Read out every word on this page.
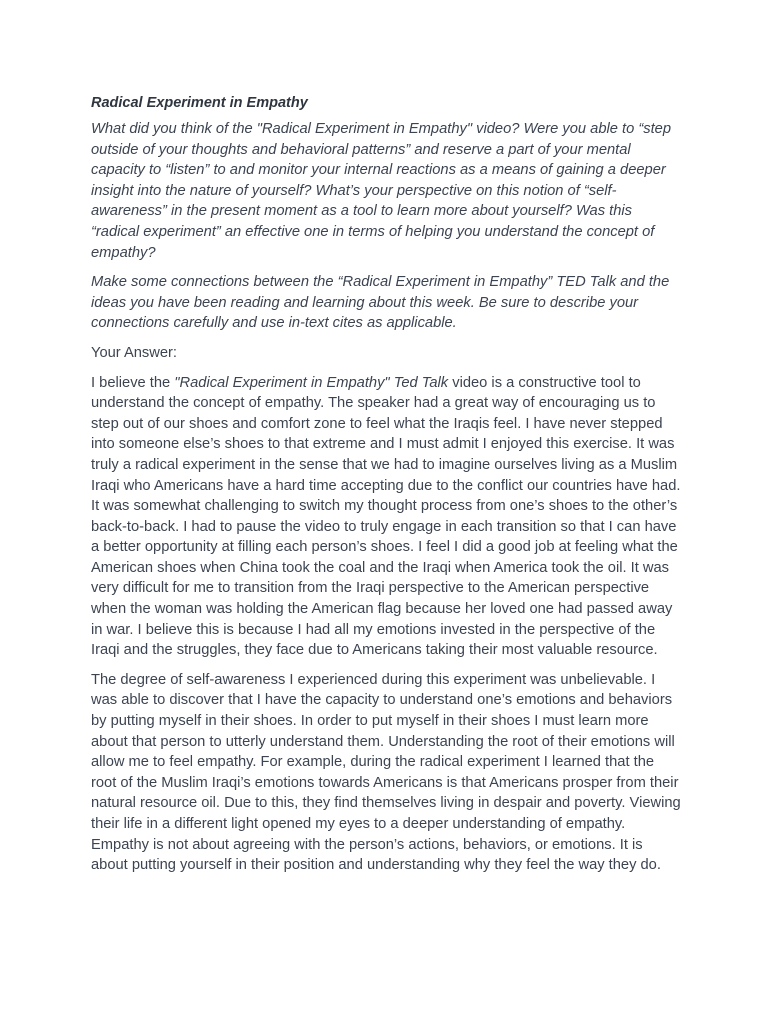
Radical Experiment in Empathy

What did you think of the "Radical Experiment in Empathy" video? Were you able to “step outside of your thoughts and behavioral patterns” and reserve a part of your mental capacity to “listen” to and monitor your internal reactions as a means of gaining a deeper insight into the nature of yourself? What’s your perspective on this notion of “self-awareness” in the present moment as a tool to learn more about yourself? Was this “radical experiment” an effective one in terms of helping you understand the concept of empathy?

Make some connections between the “Radical Experiment in Empathy” TED Talk and the ideas you have been reading and learning about this week. Be sure to describe your connections carefully and use in-text cites as applicable.

Your Answer:

I believe the "Radical Experiment in Empathy" Ted Talk video is a constructive tool to understand the concept of empathy. The speaker had a great way of encouraging us to step out of our shoes and comfort zone to feel what the Iraqis feel. I have never stepped into someone else’s shoes to that extreme and I must admit I enjoyed this exercise. It was truly a radical experiment in the sense that we had to imagine ourselves living as a Muslim Iraqi who Americans have a hard time accepting due to the conflict our countries have had. It was somewhat challenging to switch my thought process from one’s shoes to the other’s back-to-back. I had to pause the video to truly engage in each transition so that I can have a better opportunity at filling each person’s shoes. I feel I did a good job at feeling what the American shoes when China took the coal and the Iraqi when America took the oil. It was very difficult for me to transition from the Iraqi perspective to the American perspective when the woman was holding the American flag because her loved one had passed away in war. I believe this is because I had all my emotions invested in the perspective of the Iraqi and the struggles, they face due to Americans taking their most valuable resource.

The degree of self-awareness I experienced during this experiment was unbelievable. I was able to discover that I have the capacity to understand one’s emotions and behaviors by putting myself in their shoes. In order to put myself in their shoes I must learn more about that person to utterly understand them. Understanding the root of their emotions will allow me to feel empathy. For example, during the radical experiment I learned that the root of the Muslim Iraqi’s emotions towards Americans is that Americans prosper from their natural resource oil. Due to this, they find themselves living in despair and poverty. Viewing their life in a different light opened my eyes to a deeper understanding of empathy. Empathy is not about agreeing with the person’s actions, behaviors, or emotions. It is about putting yourself in their position and understanding why they feel the way they do.
